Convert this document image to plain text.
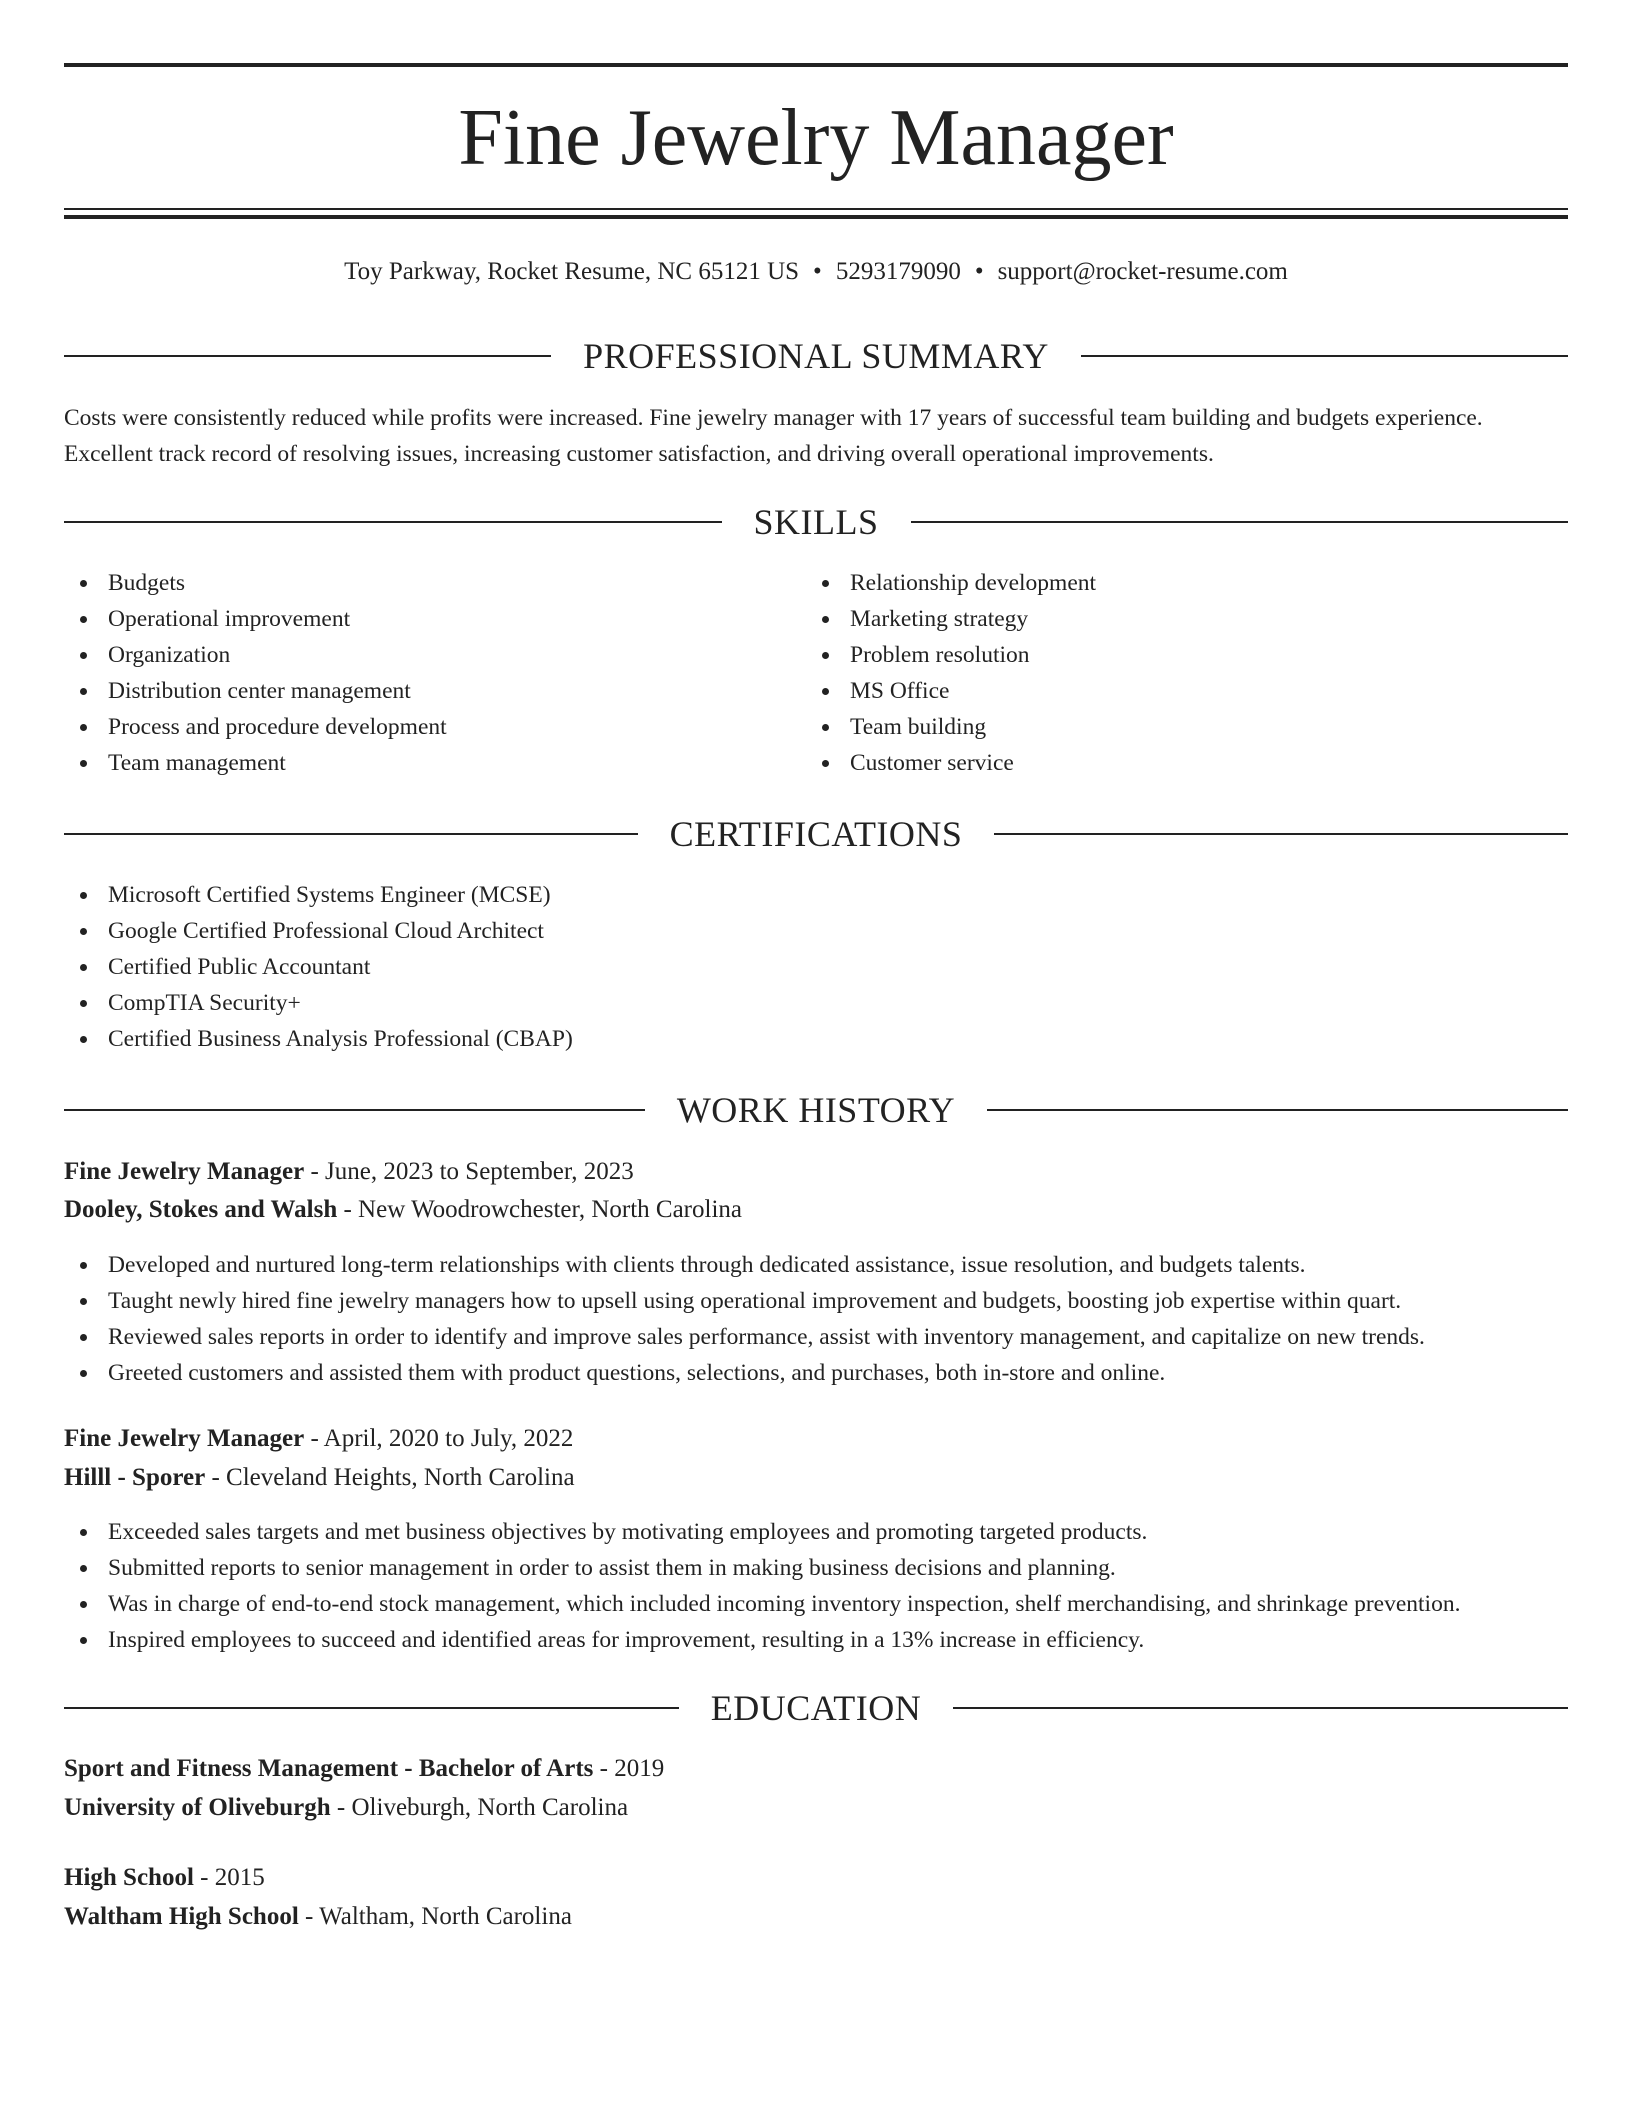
Fine Jewelry Manager
Toy Parkway, Rocket Resume, NC 65121 US • 5293179090 • support@rocket-resume.com
PROFESSIONAL SUMMARY

Costs were consistently reduced while profits were increased. Fine jewelry manager with 17 years of successful team building and budgets experience. Excellent track record of resolving issues, increasing customer satisfaction, and driving overall operational improvements.

SKILLS
Budgets
Operational improvement
Organization
Distribution center management
Process and procedure development
Team management
Relationship development
Marketing strategy
Problem resolution
MS Office
Team building
Customer service
CERTIFICATIONS
Microsoft Certified Systems Engineer (MCSE)
Google Certified Professional Cloud Architect
Certified Public Accountant
CompTIA Security+
Certified Business Analysis Professional (CBAP)
WORK HISTORY
Fine Jewelry Manager - June, 2023 to September, 2023
Dooley, Stokes and Walsh - New Woodrowchester, North Carolina
Developed and nurtured long-term relationships with clients through dedicated assistance, issue resolution, and budgets talents.
Taught newly hired fine jewelry managers how to upsell using operational improvement and budgets, boosting job expertise within quart.
Reviewed sales reports in order to identify and improve sales performance, assist with inventory management, and capitalize on new trends.
Greeted customers and assisted them with product questions, selections, and purchases, both in-store and online.
Fine Jewelry Manager - April, 2020 to July, 2022
Hilll - Sporer - Cleveland Heights, North Carolina
Exceeded sales targets and met business objectives by motivating employees and promoting targeted products.
Submitted reports to senior management in order to assist them in making business decisions and planning.
Was in charge of end-to-end stock management, which included incoming inventory inspection, shelf merchandising, and shrinkage prevention.
Inspired employees to succeed and identified areas for improvement, resulting in a 13% increase in efficiency.
EDUCATION
Sport and Fitness Management - Bachelor of Arts - 2019
University of Oliveburgh - Oliveburgh, North Carolina
High School - 2015
Waltham High School - Waltham, North Carolina
